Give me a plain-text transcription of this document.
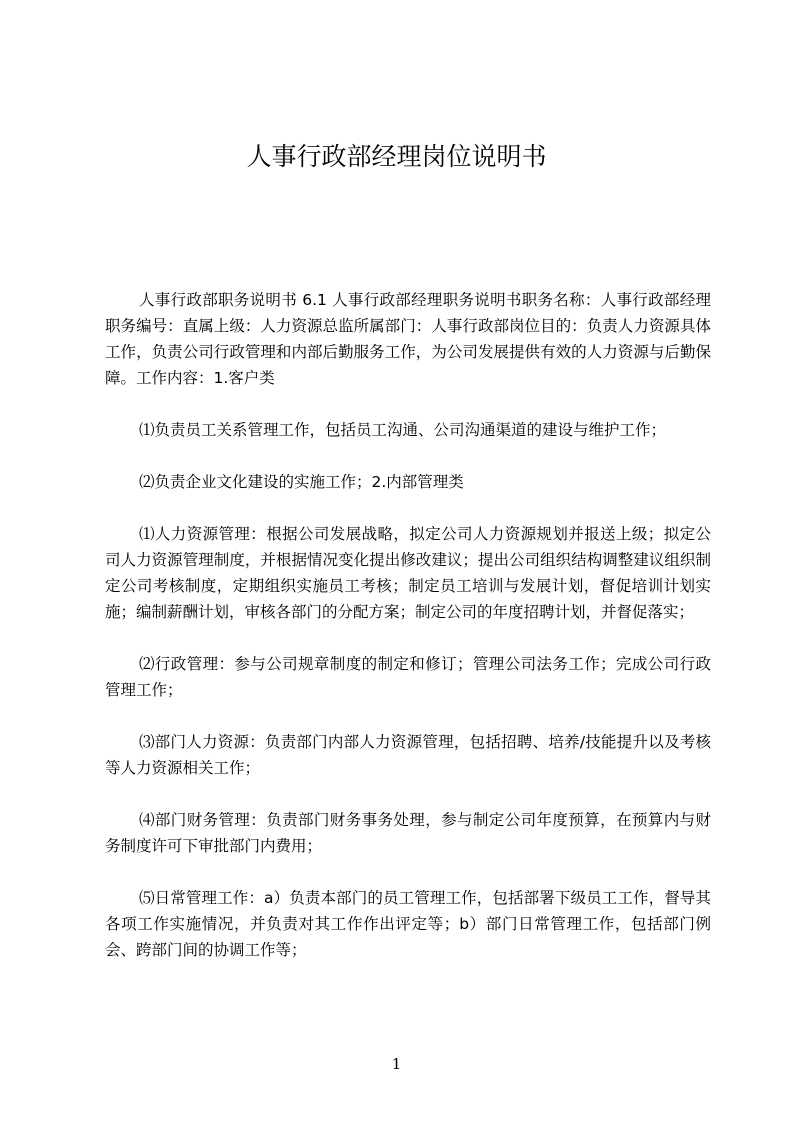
人事行政部经理岗位说明书

人事行政部职务说明书 6.1 人事行政部经理职务说明书职务名称：人事行政部经理职务编号：直属上级：人力资源总监所属部门：人事行政部岗位目的：负责人力资源具体工作，负责公司行政管理和内部后勤服务工作，为公司发展提供有效的人力资源与后勤保障。工作内容：1.客户类

⑴负责员工关系管理工作，包括员工沟通、公司沟通渠道的建设与维护工作；

⑵负责企业文化建设的实施工作；2.内部管理类

⑴人力资源管理：根据公司发展战略，拟定公司人力资源规划并报送上级；拟定公司人力资源管理制度，并根据情况变化提出修改建议；提出公司组织结构调整建议组织制定公司考核制度，定期组织实施员工考核；制定员工培训与发展计划，督促培训计划实施；编制薪酬计划，审核各部门的分配方案；制定公司的年度招聘计划，并督促落实；

⑵行政管理：参与公司规章制度的制定和修订；管理公司法务工作；完成公司行政管理工作；

⑶部门人力资源：负责部门内部人力资源管理，包括招聘、培养/技能提升以及考核等人力资源相关工作；

⑷部门财务管理：负责部门财务事务处理，参与制定公司年度预算，在预算内与财务制度许可下审批部门内费用；

⑸日常管理工作：a）负责本部门的员工管理工作，包括部署下级员工工作，督导其各项工作实施情况，并负责对其工作作出评定等；b）部门日常管理工作，包括部门例会、跨部门间的协调工作等；

1
